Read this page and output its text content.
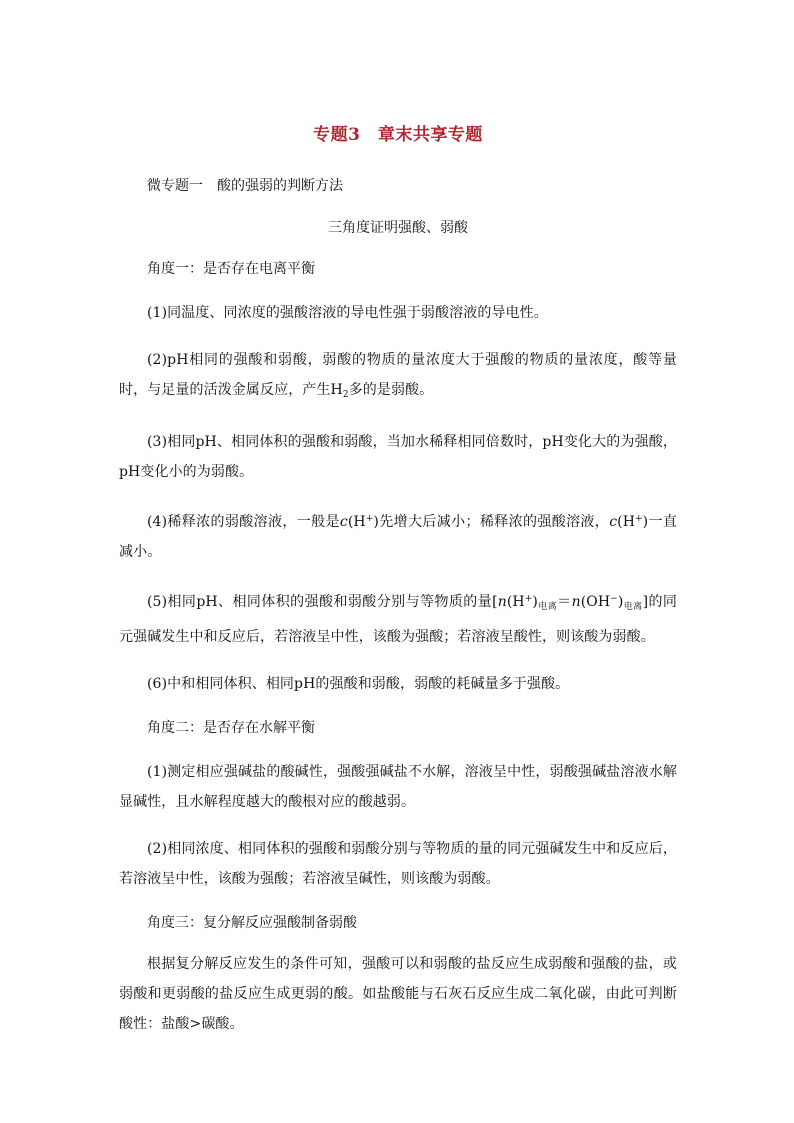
专题3　章末共享专题
微专题一　酸的强弱的判断方法
三角度证明强酸、弱酸
角度一：是否存在电离平衡

(1)同温度、同浓度的强酸溶液的导电性强于弱酸溶液的导电性。

(2)pH相同的强酸和弱酸，弱酸的物质的量浓度大于强酸的物质的量浓度，酸等量时，与足量的活泼金属反应，产生$H_2$多的是弱酸。

(3)相同pH、相同体积的强酸和弱酸，当加水稀释相同倍数时，pH变化大的为强酸，pH变化小的为弱酸。

(4)稀释浓的弱酸溶液，一般是c(H+)先增大后减小；稀释浓的强酸溶液，c(H+)一直减小。

(5)相同pH、相同体积的强酸和弱酸分别与等物质的量$[n(H^+)_{电离}=n(OH^-)_{电离}]$的同元强碱发生中和反应后，若溶液呈中性，该酸为强酸；若溶液呈酸性，则该酸为弱酸。

(6)中和相同体积、相同pH的强酸和弱酸，弱酸的耗碱量多于强酸。

角度二：是否存在水解平衡

(1)测定相应强碱盐的酸碱性，强酸强碱盐不水解，溶液呈中性，弱酸强碱盐溶液水解显碱性，且水解程度越大的酸根对应的酸越弱。

(2)相同浓度、相同体积的强酸和弱酸分别与等物质的量的同元强碱发生中和反应后，若溶液呈中性，该酸为强酸；若溶液呈碱性，则该酸为弱酸。

角度三：复分解反应强酸制备弱酸

根据复分解反应发生的条件可知，强酸可以和弱酸的盐反应生成弱酸和强酸的盐，或弱酸和更弱酸的盐反应生成更弱的酸。如盐酸能与石灰石反应生成二氧化碳，由此可判断酸性：盐酸>碳酸。
